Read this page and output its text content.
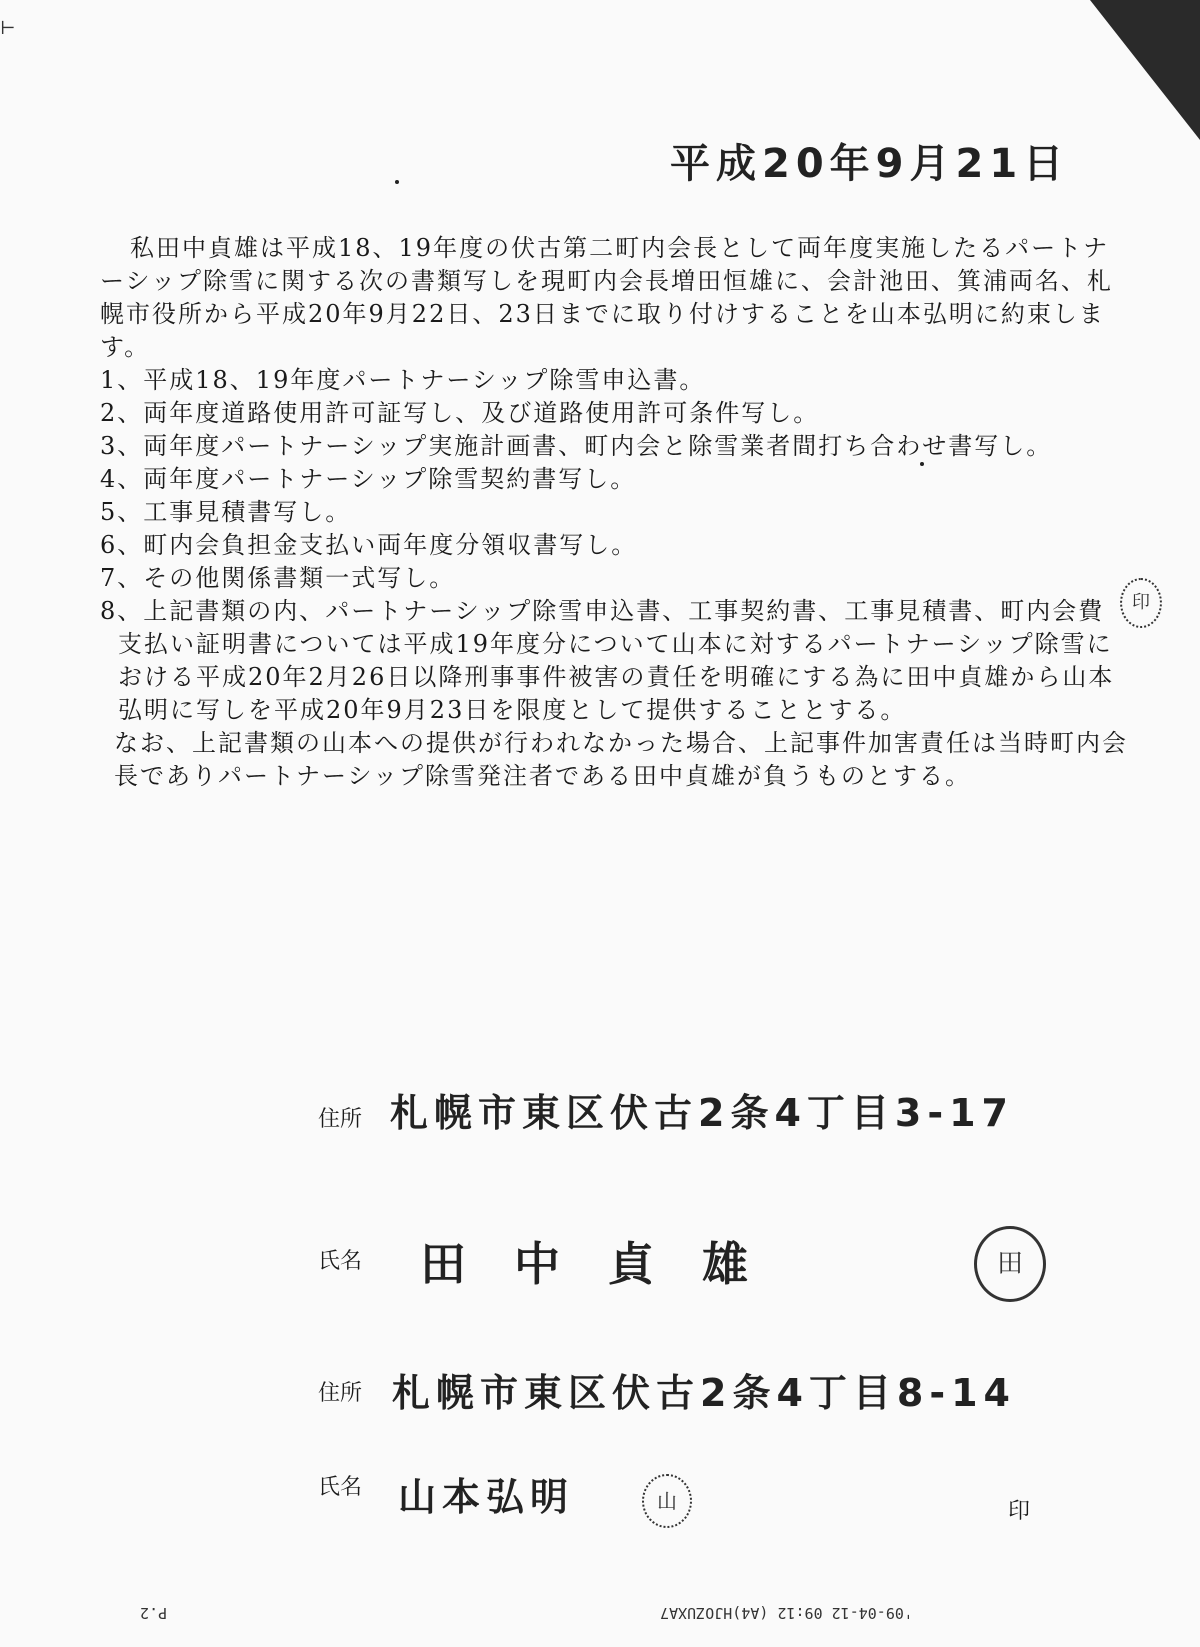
⊢
平成20年9月21日

私田中貞雄は平成18、19年度の伏古第二町内会長として両年度実施したるパートナーシップ除雪に関する次の書類写しを現町内会長増田恒雄に、会計池田、箕浦両名、札幌市役所から平成20年9月22日、23日までに取り付けすることを山本弘明に約束します。

1、平成18、19年度パートナーシップ除雪申込書。

2、両年度道路使用許可証写し、及び道路使用許可条件写し。

3、両年度パートナーシップ実施計画書、町内会と除雪業者間打ち合わせ書写し。

4、両年度パートナーシップ除雪契約書写し。

5、工事見積書写し。

6、町内会負担金支払い両年度分領収書写し。

7、その他関係書類一式写し。

8、上記書類の内、パートナーシップ除雪申込書、工事契約書、工事見積書、町内会費支払い証明書については平成19年度分について山本に対するパートナーシップ除雪における平成20年2月26日以降刑事事件被害の責任を明確にする為に田中貞雄から山本弘明に写しを平成20年9月23日を限度として提供することとする。

なお、上記書類の山本への提供が行われなかった場合、上記事件加害責任は当時町内会長でありパートナーシップ除雪発注者である田中貞雄が負うものとする。

印
住所 札幌市東区伏古2条4丁目3-17
氏名 田中貞雄	田
住所 札幌市東区伏古2条4丁目8-14
氏名 山本弘明	山	印
P.2	'09-04-12 09:12 (A4)HJOZUXA7
